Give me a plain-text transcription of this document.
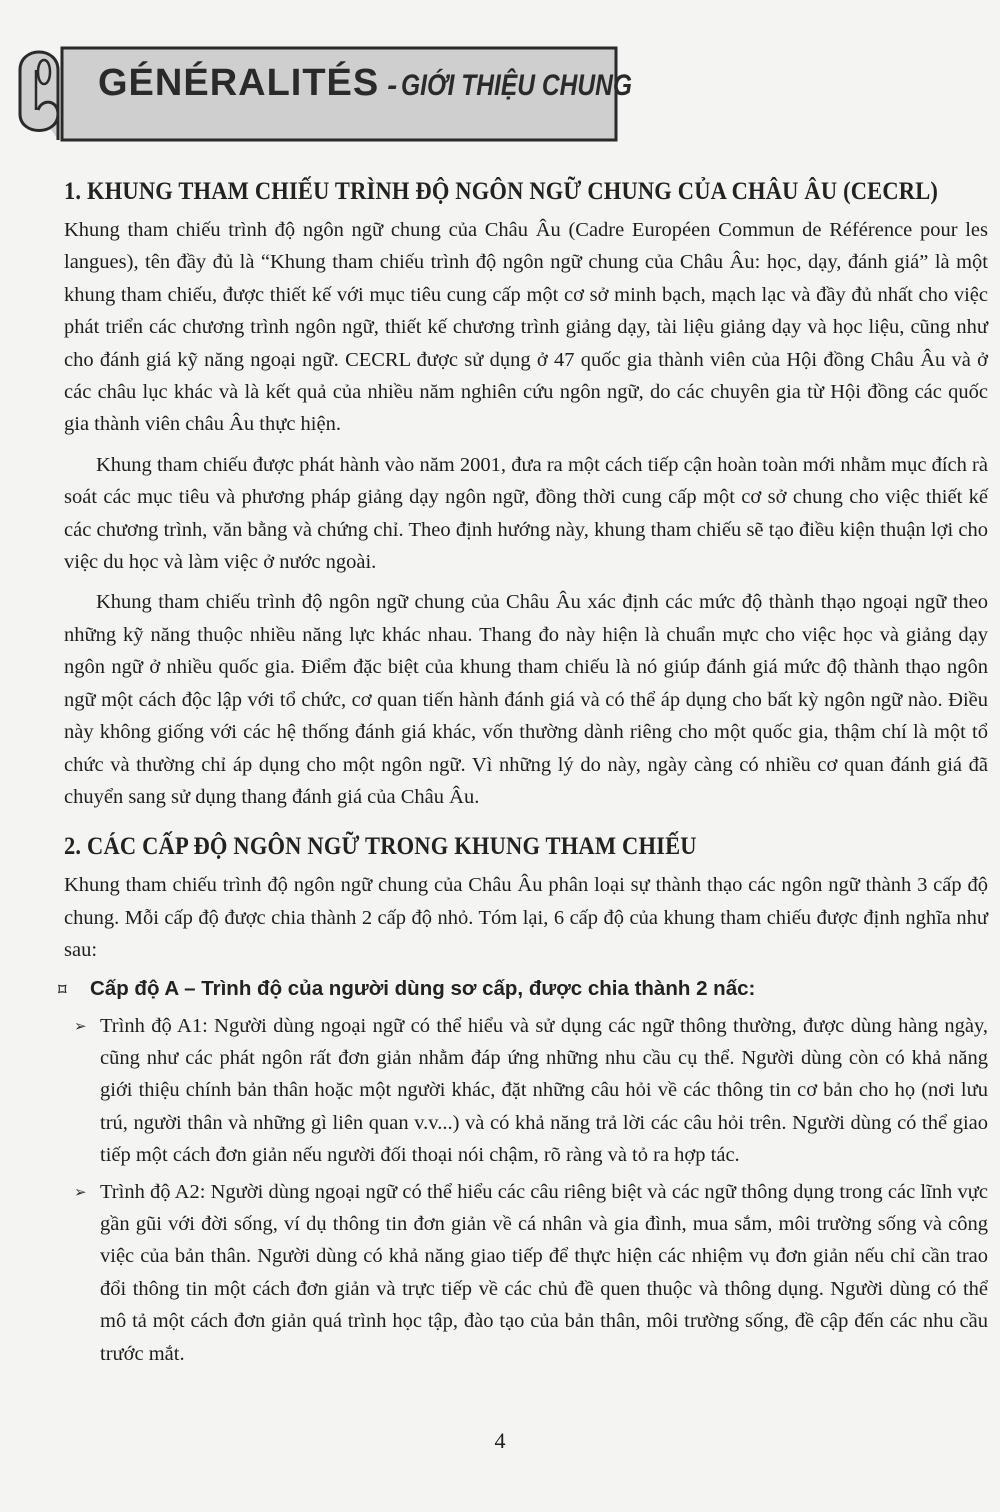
GÉNÉRALITÉS - GIỚI THIỆU CHUNG
1. KHUNG THAM CHIẾU TRÌNH ĐỘ NGÔN NGỮ CHUNG CỦA CHÂU ÂU (CECRL)

Khung tham chiếu trình độ ngôn ngữ chung của Châu Âu (Cadre Européen Commun de Référence pour les langues), tên đầy đủ là “Khung tham chiếu trình độ ngôn ngữ chung của Châu Âu: học, dạy, đánh giá” là một khung tham chiếu, được thiết kế với mục tiêu cung cấp một cơ sở minh bạch, mạch lạc và đầy đủ nhất cho việc phát triển các chương trình ngôn ngữ, thiết kế chương trình giảng dạy, tài liệu giảng dạy và học liệu, cũng như cho đánh giá kỹ năng ngoại ngữ. CECRL được sử dụng ở 47 quốc gia thành viên của Hội đồng Châu Âu và ở các châu lục khác và là kết quả của nhiều năm nghiên cứu ngôn ngữ, do các chuyên gia từ Hội đồng các quốc gia thành viên châu Âu thực hiện.

Khung tham chiếu được phát hành vào năm 2001, đưa ra một cách tiếp cận hoàn toàn mới nhằm mục đích rà soát các mục tiêu và phương pháp giảng dạy ngôn ngữ, đồng thời cung cấp một cơ sở chung cho việc thiết kế các chương trình, văn bằng và chứng chỉ. Theo định hướng này, khung tham chiếu sẽ tạo điều kiện thuận lợi cho việc du học và làm việc ở nước ngoài.

Khung tham chiếu trình độ ngôn ngữ chung của Châu Âu xác định các mức độ thành thạo ngoại ngữ theo những kỹ năng thuộc nhiều năng lực khác nhau. Thang đo này hiện là chuẩn mực cho việc học và giảng dạy ngôn ngữ ở nhiều quốc gia. Điểm đặc biệt của khung tham chiếu là nó giúp đánh giá mức độ thành thạo ngôn ngữ một cách độc lập với tổ chức, cơ quan tiến hành đánh giá và có thể áp dụng cho bất kỳ ngôn ngữ nào. Điều này không giống với các hệ thống đánh giá khác, vốn thường dành riêng cho một quốc gia, thậm chí là một tổ chức và thường chỉ áp dụng cho một ngôn ngữ. Vì những lý do này, ngày càng có nhiều cơ quan đánh giá đã chuyển sang sử dụng thang đánh giá của Châu Âu.

2. CÁC CẤP ĐỘ NGÔN NGỮ TRONG KHUNG THAM CHIẾU

Khung tham chiếu trình độ ngôn ngữ chung của Châu Âu phân loại sự thành thạo các ngôn ngữ thành 3 cấp độ chung. Mỗi cấp độ được chia thành 2 cấp độ nhỏ. Tóm lại, 6 cấp độ của khung tham chiếu được định nghĩa như sau:

⌑	Cấp độ A – Trình độ của người dùng sơ cấp, được chia thành 2 nấc:
➢ Trình độ A1: Người dùng ngoại ngữ có thể hiểu và sử dụng các ngữ thông thường, được dùng hàng ngày, cũng như các phát ngôn rất đơn giản nhằm đáp ứng những nhu cầu cụ thể. Người dùng còn có khả năng giới thiệu chính bản thân hoặc một người khác, đặt những câu hỏi về các thông tin cơ bản cho họ (nơi lưu trú, người thân và những gì liên quan v.v...) và có khả năng trả lời các câu hỏi trên. Người dùng có thể giao tiếp một cách đơn giản nếu người đối thoại nói chậm, rõ ràng và tỏ ra hợp tác.

➢ Trình độ A2: Người dùng ngoại ngữ có thể hiểu các câu riêng biệt và các ngữ thông dụng trong các lĩnh vực gần gũi với đời sống, ví dụ thông tin đơn giản về cá nhân và gia đình, mua sắm, môi trường sống và công việc của bản thân. Người dùng có khả năng giao tiếp để thực hiện các nhiệm vụ đơn giản nếu chỉ cần trao đổi thông tin một cách đơn giản và trực tiếp về các chủ đề quen thuộc và thông dụng. Người dùng có thể mô tả một cách đơn giản quá trình học tập, đào tạo của bản thân, môi trường sống, đề cập đến các nhu cầu trước mắt.

4
